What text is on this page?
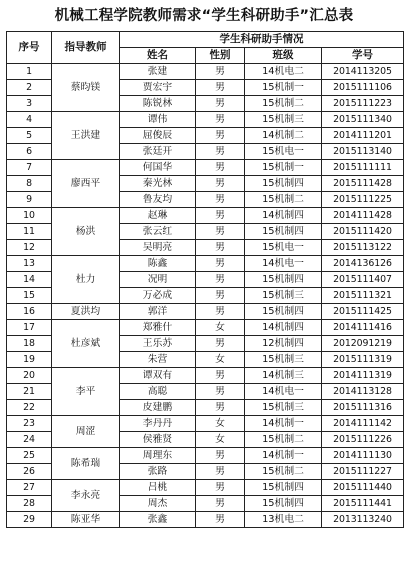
机械工程学院教师需求“学生科研助手”汇总表
序号	指导教师	学生科研助手情况			
		姓名	性别	班级	学号
1	蔡昀镁	张建	男	14机电二	2014113205
2		贾宏宇	男	15机制一	2015111106
3		陈锐林	男	15机制二	2015111223
4	王洪建	谭伟	男	15机制三	2015111340
5		屈俊辰	男	14机制二	2014111201
6		张廷开	男	15机电一	2015113140
7	廖西平	何国华	男	15机制一	2015111111
8		秦光林	男	15机制四	2015111428
9		鲁友均	男	15机制二	2015111225
10	杨洪	赵琳	男	14机制四	2014111428
11		张云红	男	15机制四	2015111420
12		吴明亮	男	15机电一	2015113122
13	杜力	陈鑫	男	14机电一	2014136126
14		况明	男	15机制四	2015111407
15		万必成	男	15机制三	2015111321
16	夏洪均	郭洋	男	15机制四	2015111425
17	杜彦斌	郑雅什	女	14机制四	2014111416
18		王乐苏	男	12机制四	2012091219
19		朱营	女	15机制三	2015111319
20	李平	谭双有	男	14机制三	2014111319
21		高聪	男	14机电一	2014113128
22		皮建鹏	男	15机制三	2015111316
23	周涩	李丹丹	女	14机制一	2014111142
24		侯雅贤	女	15机制二	2015111226
25	陈希瑞	周理东	男	14机制一	2014111130
26		张路	男	15机制二	2015111227
27	李永亮	吕桃	男	15机制四	2015111440
28		周杰	男	15机制四	2015111441
29	陈亚华	张鑫	男	13机电二	2013113240
